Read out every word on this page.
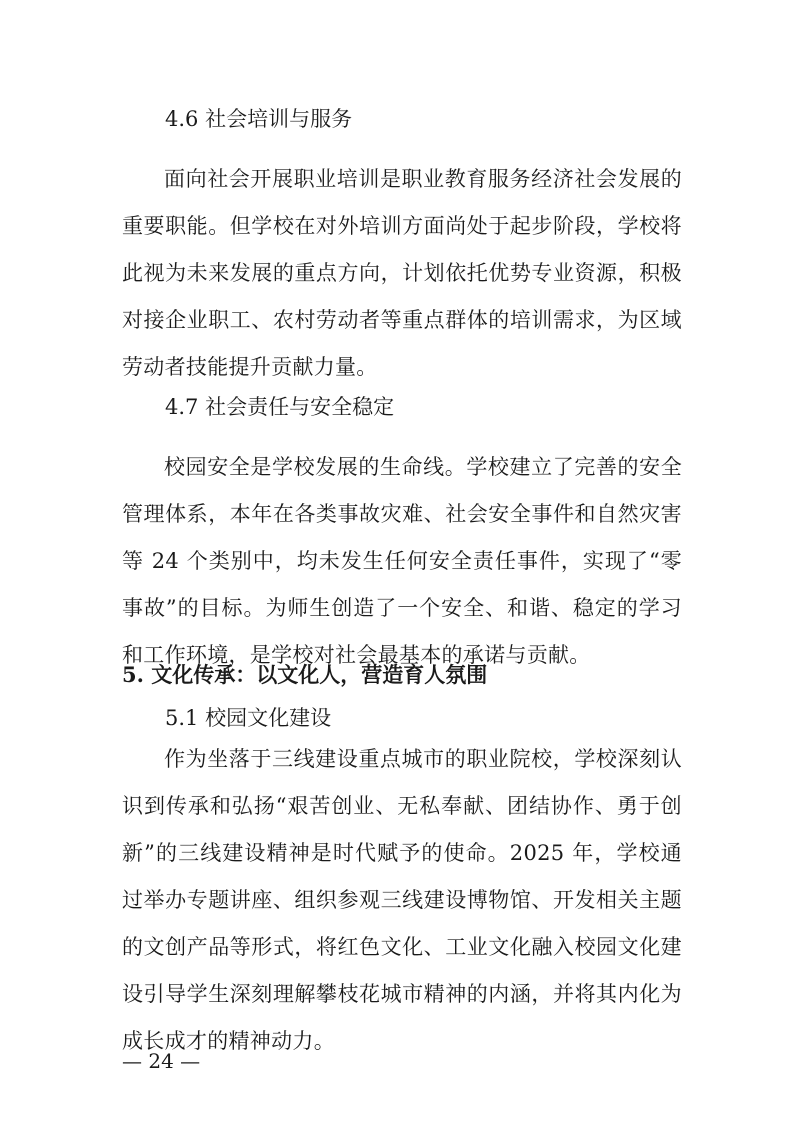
4.6 社会培训与服务
面向社会开展职业培训是职业教育服务经济社会发展的重要职能。但学校在对外培训方面尚处于起步阶段，学校将此视为未来发展的重点方向，计划依托优势专业资源，积极对接企业职工、农村劳动者等重点群体的培训需求，为区域劳动者技能提升贡献力量。
4.7 社会责任与安全稳定
校园安全是学校发展的生命线。学校建立了完善的安全管理体系，本年在各类事故灾难、社会安全事件和自然灾害等 24 个类别中，均未发生任何安全责任事件，实现了“零事故”的目标。为师生创造了一个安全、和谐、稳定的学习和工作环境，是学校对社会最基本的承诺与贡献。
5. 文化传承：以文化人，营造育人氛围
5.1 校园文化建设
作为坐落于三线建设重点城市的职业院校，学校深刻认识到传承和弘扬“艰苦创业、无私奉献、团结协作、勇于创新”的三线建设精神是时代赋予的使命。2025 年，学校通过举办专题讲座、组织参观三线建设博物馆、开发相关主题的文创产品等形式，将红色文化、工业文化融入校园文化建设引导学生深刻理解攀枝花城市精神的内涵，并将其内化为成长成才的精神动力。
— 24 —
